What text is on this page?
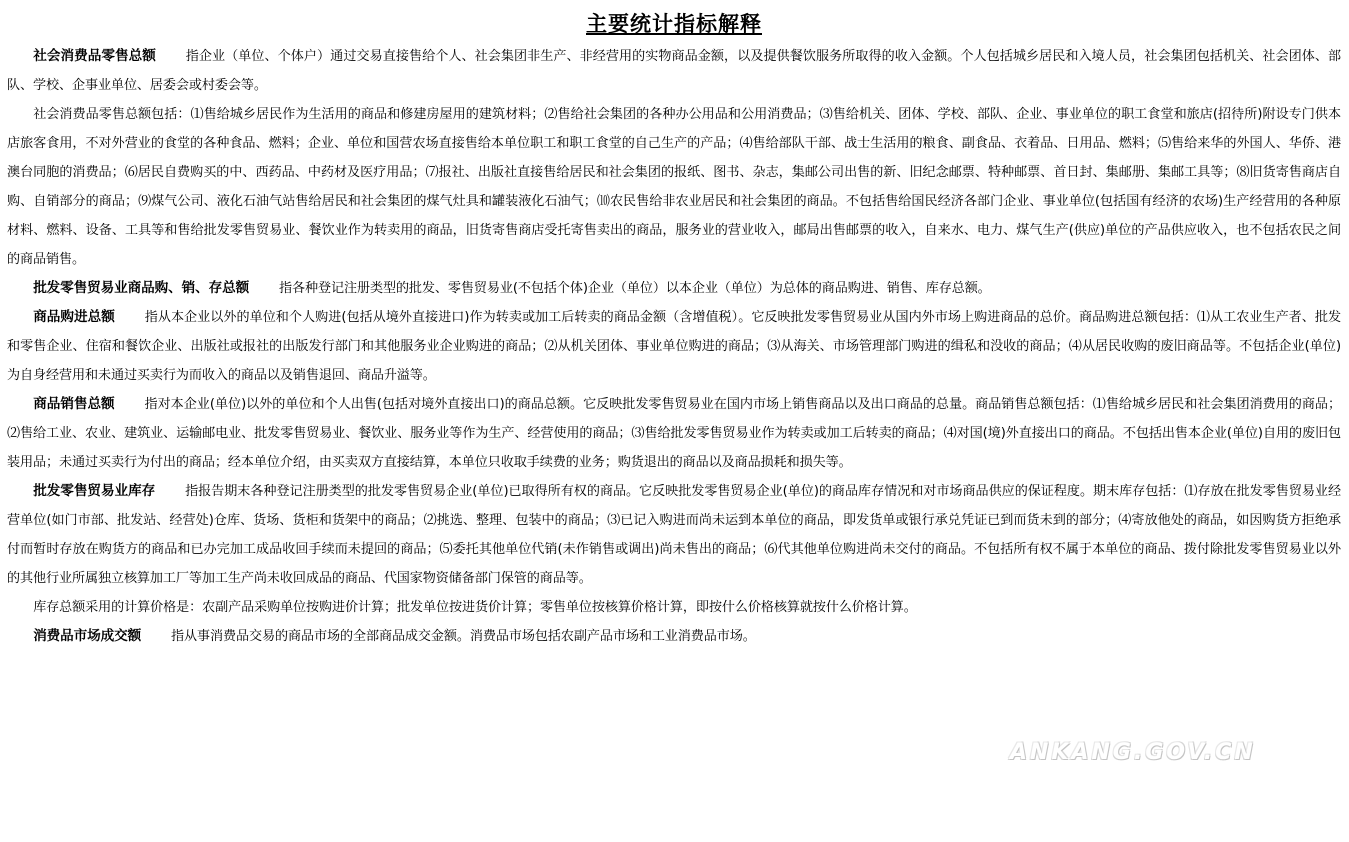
主要统计指标解释

社会消费品零售总额 指企业（单位、个体户）通过交易直接售给个人、社会集团非生产、非经营用的实物商品金额，以及提供餐饮服务所取得的收入金额。个人包括城乡居民和入境人员，社会集团包括机关、社会团体、部队、学校、企事业单位、居委会或村委会等。

社会消费品零售总额包括：⑴售给城乡居民作为生活用的商品和修建房屋用的建筑材料；⑵售给社会集团的各种办公用品和公用消费品；⑶售给机关、团体、学校、部队、企业、事业单位的职工食堂和旅店(招待所)附设专门供本店旅客食用，不对外营业的食堂的各种食品、燃料；企业、单位和国营农场直接售给本单位职工和职工食堂的自己生产的产品；⑷售给部队干部、战士生活用的粮食、副食品、衣着品、日用品、燃料；⑸售给来华的外国人、华侨、港澳台同胞的消费品；⑹居民自费购买的中、西药品、中药材及医疗用品；⑺报社、出版社直接售给居民和社会集团的报纸、图书、杂志，集邮公司出售的新、旧纪念邮票、特种邮票、首日封、集邮册、集邮工具等；⑻旧货寄售商店自购、自销部分的商品；⑼煤气公司、液化石油气站售给居民和社会集团的煤气灶具和罐装液化石油气；⑽农民售给非农业居民和社会集团的商品。不包括售给国民经济各部门企业、事业单位(包括国有经济的农场)生产经营用的各种原材料、燃料、设备、工具等和售给批发零售贸易业、餐饮业作为转卖用的商品，旧货寄售商店受托寄售卖出的商品，服务业的营业收入，邮局出售邮票的收入，自来水、电力、煤气生产(供应)单位的产品供应收入，也不包括农民之间的商品销售。

批发零售贸易业商品购、销、存总额 指各种登记注册类型的批发、零售贸易业(不包括个体)企业（单位）以本企业（单位）为总体的商品购进、销售、库存总额。

商品购进总额 指从本企业以外的单位和个人购进(包括从境外直接进口)作为转卖或加工后转卖的商品金额（含增值税）。它反映批发零售贸易业从国内外市场上购进商品的总价。商品购进总额包括：⑴从工农业生产者、批发和零售企业、住宿和餐饮企业、出版社或报社的出版发行部门和其他服务业企业购进的商品；⑵从机关团体、事业单位购进的商品；⑶从海关、市场管理部门购进的缉私和没收的商品；⑷从居民收购的废旧商品等。不包括企业(单位)为自身经营用和未通过买卖行为而收入的商品以及销售退回、商品升溢等。

商品销售总额 指对本企业(单位)以外的单位和个人出售(包括对境外直接出口)的商品总额。它反映批发零售贸易业在国内市场上销售商品以及出口商品的总量。商品销售总额包括：⑴售给城乡居民和社会集团消费用的商品；⑵售给工业、农业、建筑业、运输邮电业、批发零售贸易业、餐饮业、服务业等作为生产、经营使用的商品；⑶售给批发零售贸易业作为转卖或加工后转卖的商品；⑷对国(境)外直接出口的商品。不包括出售本企业(单位)自用的废旧包装用品；未通过买卖行为付出的商品；经本单位介绍，由买卖双方直接结算，本单位只收取手续费的业务；购货退出的商品以及商品损耗和损失等。

批发零售贸易业库存 指报告期末各种登记注册类型的批发零售贸易企业(单位)已取得所有权的商品。它反映批发零售贸易企业(单位)的商品库存情况和对市场商品供应的保证程度。期末库存包括：⑴存放在批发零售贸易业经营单位(如门市部、批发站、经营处)仓库、货场、货柜和货架中的商品；⑵挑选、整理、包装中的商品；⑶已记入购进而尚未运到本单位的商品，即发货单或银行承兑凭证已到而货未到的部分；⑷寄放他处的商品，如因购货方拒绝承付而暂时存放在购货方的商品和已办完加工成品收回手续而未提回的商品；⑸委托其他单位代销(未作销售或调出)尚未售出的商品；⑹代其他单位购进尚未交付的商品。不包括所有权不属于本单位的商品、拨付除批发零售贸易业以外的其他行业所属独立核算加工厂等加工生产尚未收回成品的商品、代国家物资储备部门保管的商品等。

库存总额采用的计算价格是：农副产品采购单位按购进价计算；批发单位按进货价计算；零售单位按核算价格计算，即按什么价格核算就按什么价格计算。

消费品市场成交额 指从事消费品交易的商品市场的全部商品成交金额。消费品市场包括农副产品市场和工业消费品市场。

ANKANG.GOV.CN
